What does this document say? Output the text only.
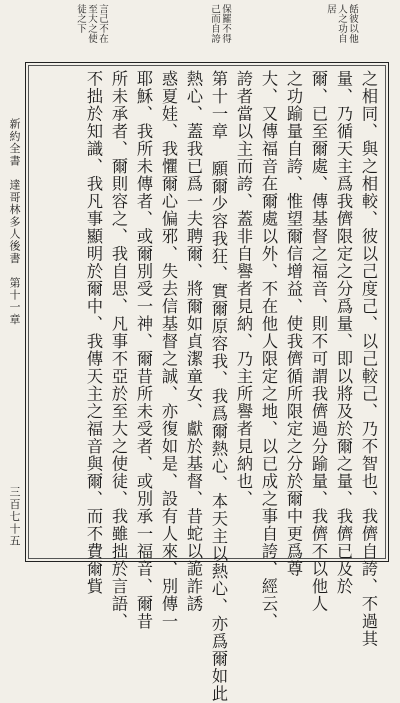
餂彼以他
人之功自
居
保羅不得
己而自誇
言己不在
至大之使
徒之下
之相同、與之相較、彼以己度己、以己較己、乃不智也、我儕自誇、不過其
量、乃循天主爲我儕限定之分爲量、即以將及於爾之量、我儕已及於
爾、已至爾處、傳基督之福音、則不可謂我儕過分踰量、我儕不以他人
之功踰量自誇、惟望爾信增益、使我儕循所限定之分於爾中更爲尊
大、又傳福音在爾處以外、不在他人限定之地、以已成之事自誇、經云、
誇者當以主而誇、蓋非自譽者見納、乃主所譽者見納也、
第十一章 願爾少容我狂、實爾原容我、我爲爾熱心、本天主以熱心、亦爲爾如此
熱心、蓋我已爲一夫聘爾、將爾如貞潔童女、獻於基督、昔蛇以詭詐誘
惑夏娃、我懼爾心偏邪、失去信基督之誠、亦復如是、設有人來、別傳一
耶穌、我所未傳者、或爾別受一神、爾昔所未受者、或別承一福音、爾昔
所未承者、爾則容之、我自思、凡事不亞於至大之使徒、我雖拙於言語、
不拙於知識、我凡事顯明於爾中、我傳天主之福音與爾、而不費爾貲
新約全書　達哥林多人後書　第十一章
三百七十五
